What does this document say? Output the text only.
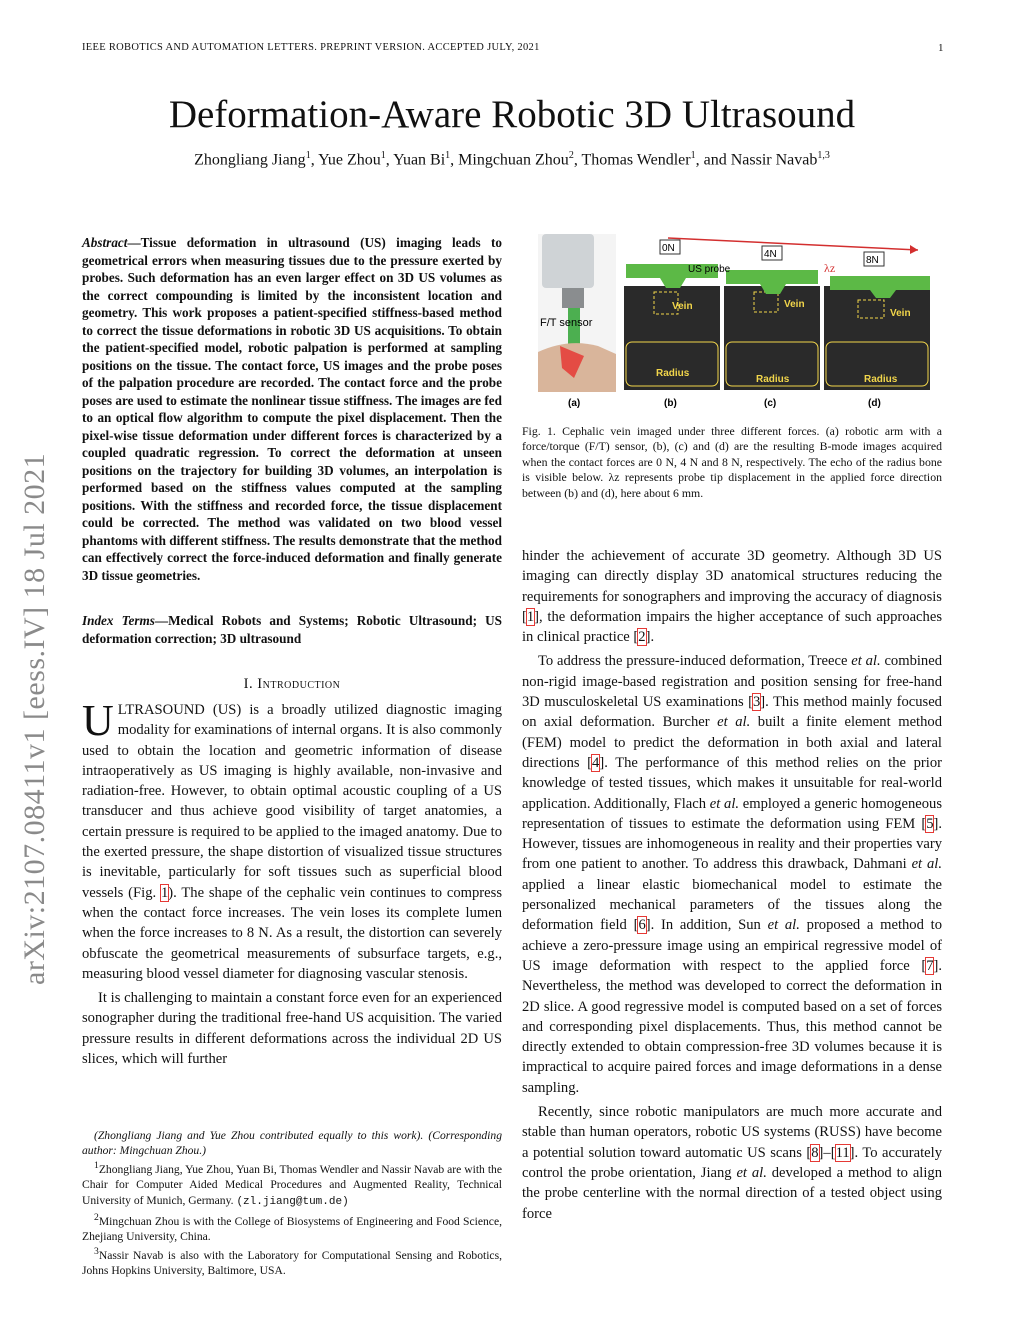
IEEE ROBOTICS AND AUTOMATION LETTERS. PREPRINT VERSION. ACCEPTED JULY, 2021	1
Deformation-Aware Robotic 3D Ultrasound
Zhongliang Jiang$^1$, Yue Zhou$^1$, Yuan Bi$^1$, Mingchuan Zhou$^2$, Thomas Wendler$^1$, and Nassir Navab$^{1,3}$
arXiv:2107.08411v1 [eess.IV] 18 Jul 2021
Abstract—Tissue deformation in ultrasound (US) imaging leads to geometrical errors when measuring tissues due to the pressure exerted by probes. Such deformation has an even larger effect on 3D US volumes as the correct compounding is limited by the inconsistent location and geometry. This work proposes a patient-specified stiffness-based method to correct the tissue deformations in robotic 3D US acquisitions. To obtain the patient-specified model, robotic palpation is performed at sampling positions on the tissue. The contact force, US images and the probe poses of the palpation procedure are recorded. The contact force and the probe poses are used to estimate the nonlinear tissue stiffness. The images are fed to an optical flow algorithm to compute the pixel displacement. Then the pixel-wise tissue deformation under different forces is characterized by a coupled quadratic regression. To correct the deformation at unseen positions on the trajectory for building 3D volumes, an interpolation is performed based on the stiffness values computed at the sampling positions. With the stiffness and recorded force, the tissue displacement could be corrected. The method was validated on two blood vessel phantoms with different stiffness. The results demonstrate that the method can effectively correct the force-induced deformation and finally generate 3D tissue geometries.
Index Terms—Medical Robots and Systems; Robotic Ultrasound; US deformation correction; 3D ultrasound
I. Introduction

ULTRASOUND (US) is a broadly utilized diagnostic imaging modality for examinations of internal organs. It is also commonly used to obtain the location and geometric information of disease intraoperatively as US imaging is highly available, non-invasive and radiation-free. However, to obtain optimal acoustic coupling of a US transducer and thus achieve good visibility of target anatomies, a certain pressure is required to be applied to the imaged anatomy. Due to the exerted pressure, the shape distortion of visualized tissue structures is inevitable, particularly for soft tissues such as superficial blood vessels (Fig. 1). The shape of the cephalic vein continues to compress when the contact force increases. The vein loses its complete lumen when the force increases to 8 N. As a result, the distortion can severely obfuscate the geometrical measurements of subsurface targets, e.g., measuring blood vessel diameter for diagnosing vascular stenosis.

It is challenging to maintain a constant force even for an experienced sonographer during the traditional free-hand US acquisition. The varied pressure results in different deformations across the individual 2D US slices, which will further

(Zhongliang Jiang and Yue Zhou contributed equally to this work). (Corresponding author: Mingchuan Zhou.)

$^1$Zhongliang Jiang, Yue Zhou, Yuan Bi, Thomas Wendler and Nassir Navab are with the Chair for Computer Aided Medical Procedures and Augmented Reality, Technical University of Munich, Germany. (zl.jiang@tum.de)

$^2$Mingchuan Zhou is with the College of Biosystems of Engineering and Food Science, Zhejiang University, China.

$^3$Nassir Navab is also with the Laboratory for Computational Sensing and Robotics, Johns Hopkins University, Baltimore, USA.

F/T sensor
Vein
Radius
Vein
Radius
Vein
Radius
0N
4N
8N
US probe	λz
(a)	(b)	(c)	(d)
Fig. 1. Cephalic vein imaged under three different forces. (a) robotic arm with a force/torque (F/T) sensor, (b), (c) and (d) are the resulting B-mode images acquired when the contact forces are 0 N, 4 N and 8 N, respectively. The echo of the radius bone is visible below. λz represents probe tip displacement in the applied force direction between (b) and (d), here about 6 mm.

hinder the achievement of accurate 3D geometry. Although 3D US imaging can directly display 3D anatomical structures reducing the requirements for sonographers and improving the accuracy of diagnosis [1], the deformation impairs the higher acceptance of such approaches in clinical practice [2].

To address the pressure-induced deformation, Treece et al. combined non-rigid image-based registration and position sensing for free-hand 3D musculoskeletal US examinations [3]. This method mainly focused on axial deformation. Burcher et al. built a finite element method (FEM) model to predict the deformation in both axial and lateral directions [4]. The performance of this method relies on the prior knowledge of tested tissues, which makes it unsuitable for real-world application. Additionally, Flach et al. employed a generic homogeneous representation of tissues to estimate the deformation using FEM [5]. However, tissues are inhomogeneous in reality and their properties vary from one patient to another. To address this drawback, Dahmani et al. applied a linear elastic biomechanical model to estimate the personalized mechanical parameters of the tissues along the deformation field [6]. In addition, Sun et al. proposed a method to achieve a zero-pressure image using an empirical regressive model of US image deformation with respect to the applied force [7]. Nevertheless, the method was developed to correct the deformation in 2D slice. A good regressive model is computed based on a set of forces and corresponding pixel displacements. Thus, this method cannot be directly extended to obtain compression-free 3D volumes because it is impractical to acquire paired forces and image deformations in a dense sampling.

Recently, since robotic manipulators are much more accurate and stable than human operators, robotic US systems (RUSS) have become a potential solution toward automatic US scans [8]–[11]. To accurately control the probe orientation, Jiang et al. developed a method to align the probe centerline with the normal direction of a tested object using force
